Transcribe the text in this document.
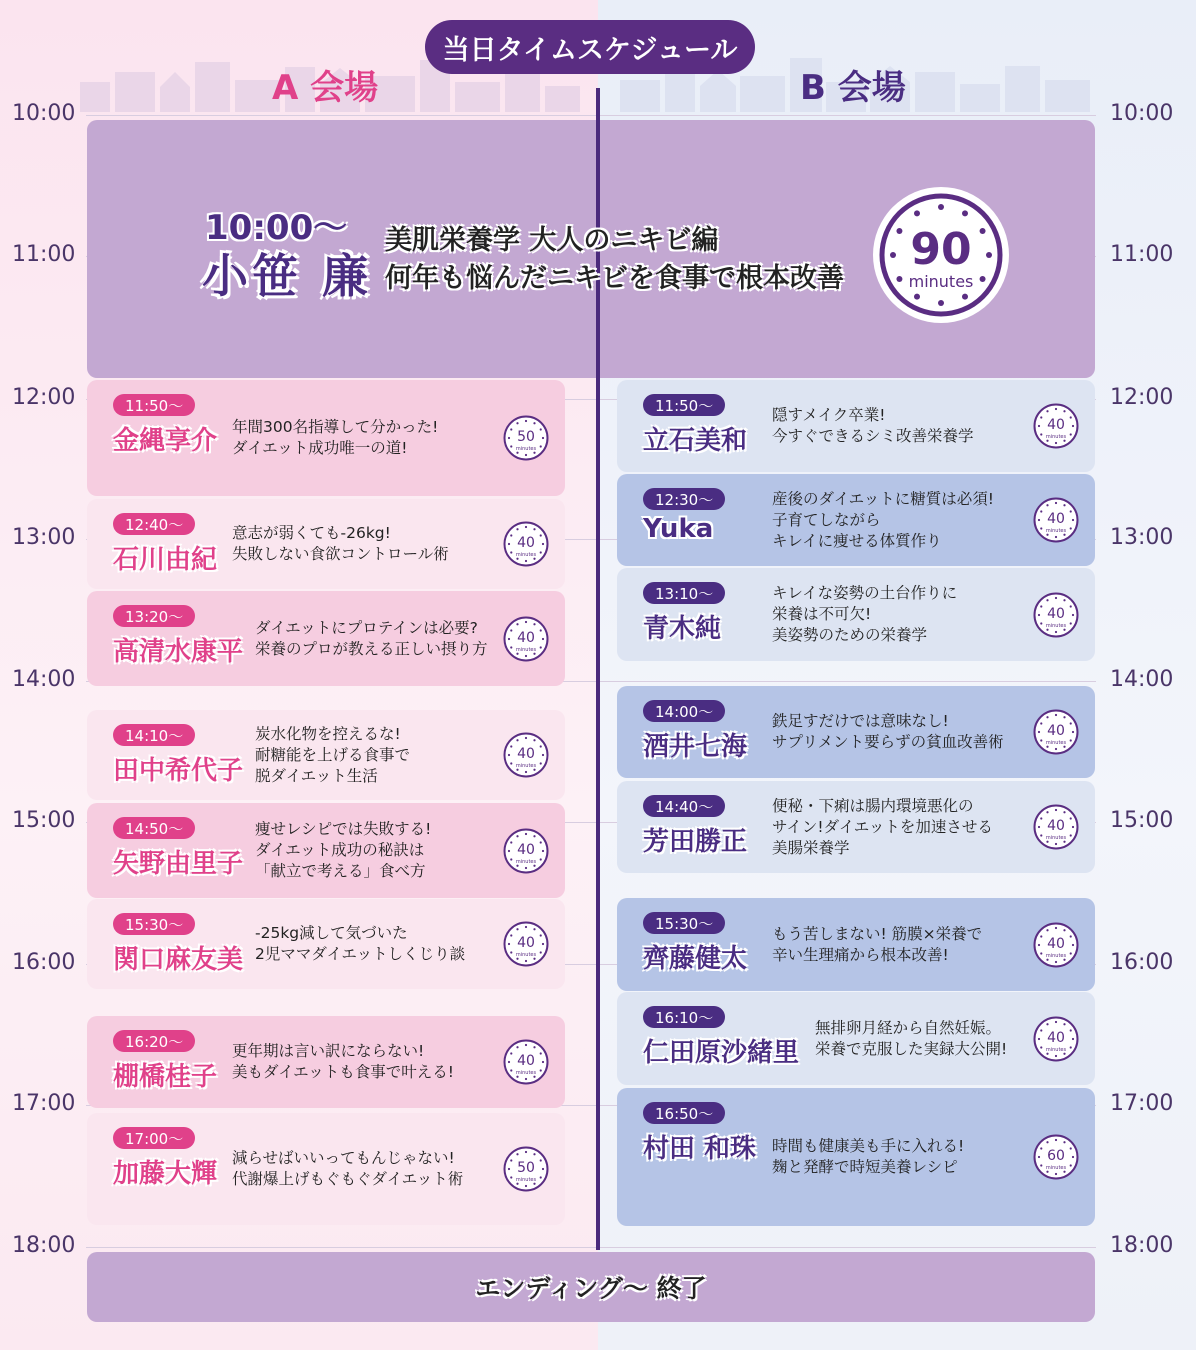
当日タイムスケジュール
A 会場	B 会場
10:00	10:00
11:00	11:00
12:00	12:00
13:00	13:00
14:00	14:00
15:00	15:00
16:00	16:00
17:00	17:00
18:00	18:00
10:00～
小笹 廉
美肌栄養学 大人のニキビ編
何年も悩んだニキビを食事で根本改善
90
minutes
11:50～
金縄享介 年間300名指導して分かった!
ダイエット成功唯一の道!
50
minutes
12:40～
石川由紀
意志が弱くても-26kg!
失敗しない食欲コントロール術
40
minutes
13:20～
高清水康平
ダイエットにプロテインは必要?
栄養のプロが教える正しい摂り方
40
minutes
14:10～
田中希代子
炭水化物を控えるな!
耐糖能を上げる食事で
脱ダイエット生活
40
minutes
14:50～
矢野由里子
痩せレシピでは失敗する!
ダイエット成功の秘訣は
「献立で考える」食べ方
40
minutes
15:30～
関口麻友美
-25kg減して気づいた
2児ママダイエットしくじり談
40
minutes
16:20～
棚橋桂子
更年期は言い訳にならない!
美もダイエットも食事で叶える!
40
minutes
17:00～
加藤大輝
減らせばいいってもんじゃない!
代謝爆上げもぐもぐダイエット術
50
minutes
11:50～
立石美和
隠すメイク卒業!
今すぐできるシミ改善栄養学
40
minutes
12:30～
Yuka
産後のダイエットに糖質は必須!
子育てしながら
キレイに痩せる体質作り
40
minutes
13:10～
青木純
キレイな姿勢の土台作りに
栄養は不可欠!
美姿勢のための栄養学
40
minutes
14:00～
酒井七海
鉄足すだけでは意味なし!
サプリメント要らずの貧血改善術
40
minutes
14:40～
芳田勝正
便秘・下痢は腸内環境悪化の
サイン!ダイエットを加速させる
美腸栄養学
40
minutes
15:30～
齊藤健太
もう苦しまない! 筋膜×栄養で
辛い生理痛から根本改善!
40
minutes
16:10～
仁田原沙緒里
無排卵月経から自然妊娠。
栄養で克服した実録大公開!
40
minutes
16:50～
村田 和珠 時間も健康美も手に入れる!
麹と発酵で時短美養レシピ
60
minutes
エンディング～ 終了
